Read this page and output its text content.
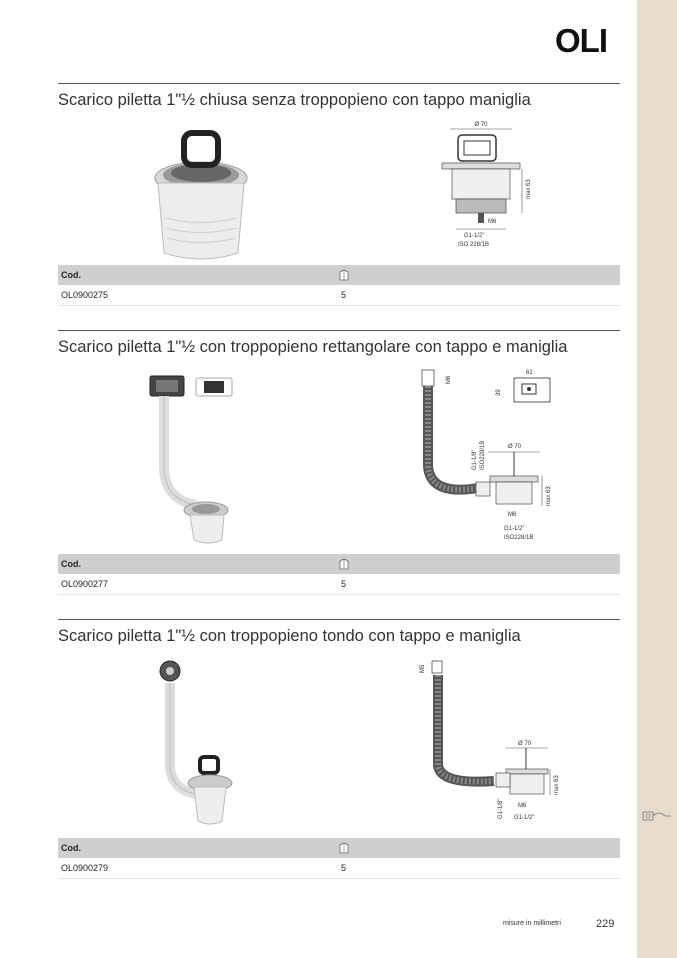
OLI
Scarico piletta 1"½ chiusa senza troppopieno con tappo maniglia
Ø 70
M6
max 63
G1-1/2"
ISO 228/1B
Cod.
OL0900275	5
Scarico piletta 1"½ con troppopieno rettangolare con tappo e maniglia
M6
62
39
Ø 70
G1-1/8" ISO228/1B
max 63
M6
G1-1/2"
ISO228/1B
Cod.
OL0900277	5
Scarico piletta 1"½ con troppopieno tondo con tappo e maniglia
M5
Ø 70
max 63
G1-1/8" M6
G1-1/2"
Cod.
OL0900279	5
misure in millimetri	229
